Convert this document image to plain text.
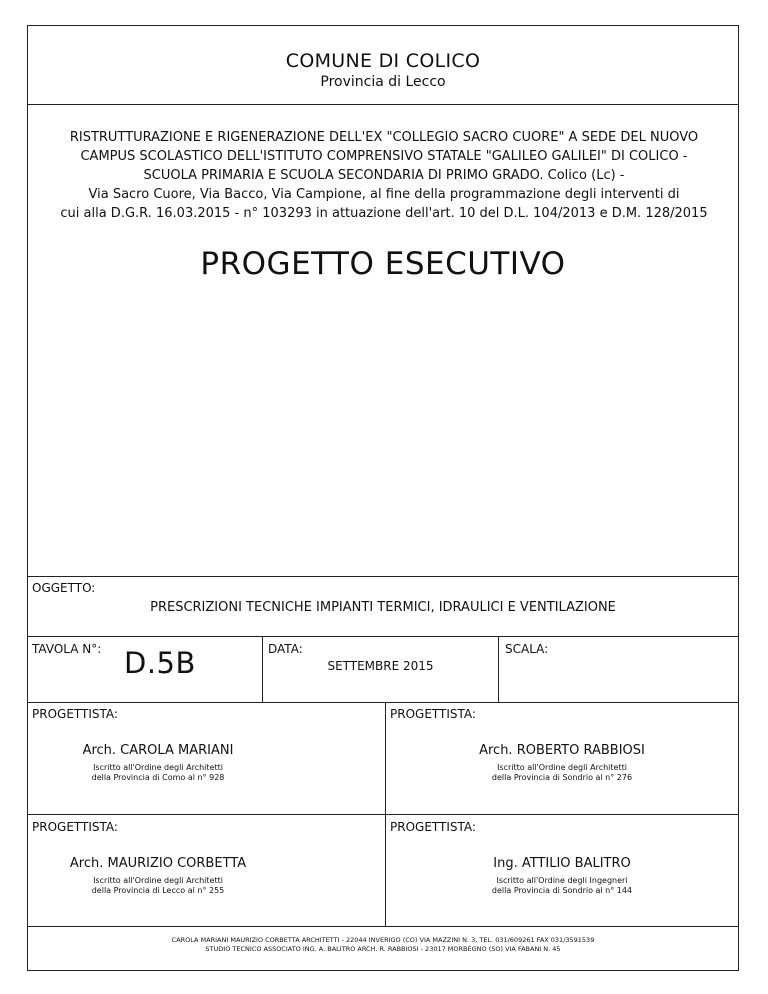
COMUNE DI COLICO
Provincia di Lecco
RISTRUTTURAZIONE E RIGENERAZIONE DELL'EX "COLLEGIO SACRO CUORE" A SEDE DEL NUOVO
CAMPUS SCOLASTICO DELL'ISTITUTO COMPRENSIVO STATALE "GALILEO GALILEI" DI COLICO -
SCUOLA PRIMARIA E SCUOLA SECONDARIA DI PRIMO GRADO. Colico (Lc) -
Via Sacro Cuore, Via Bacco, Via Campione, al fine della programmazione degli interventi di
cui alla D.G.R. 16.03.2015 - n° 103293 in attuazione dell'art. 10 del D.L. 104/2013 e D.M. 128/2015
PROGETTO ESECUTIVO
OGGETTO:
PRESCRIZIONI TECNICHE IMPIANTI TERMICI, IDRAULICI E VENTILAZIONE
TAVOLA N°: D.5B	DATA:
SETTEMBRE 2015
SCALA:
PROGETTISTA:
Arch. CAROLA MARIANI
Iscritto all'Ordine degli Architetti
della Provincia di Como al n° 928
PROGETTISTA:
Arch. ROBERTO RABBIOSI
Iscritto all'Ordine degli Architetti
della Provincia di Sondrio al n° 276
PROGETTISTA:
Arch. MAURIZIO CORBETTA
Iscritto all'Ordine degli Architetti
della Provincia di Lecco al n° 255
PROGETTISTA:
Ing. ATTILIO BALITRO
Iscritto all'Ordine degli Ingegneri
della Provincia di Sondrio al n° 144
CAROLA MARIANI MAURIZIO CORBETTA ARCHITETTI - 22044 INVERIGO (CO) VIA MAZZINI N. 3, TEL. 031/609261 FAX 031/3591539
STUDIO TECNICO ASSOCIATO ING. A. BALITRO ARCH. R. RABBIOSI - 23017 MORBEGNO (SO) VIA FABANI N. 45
